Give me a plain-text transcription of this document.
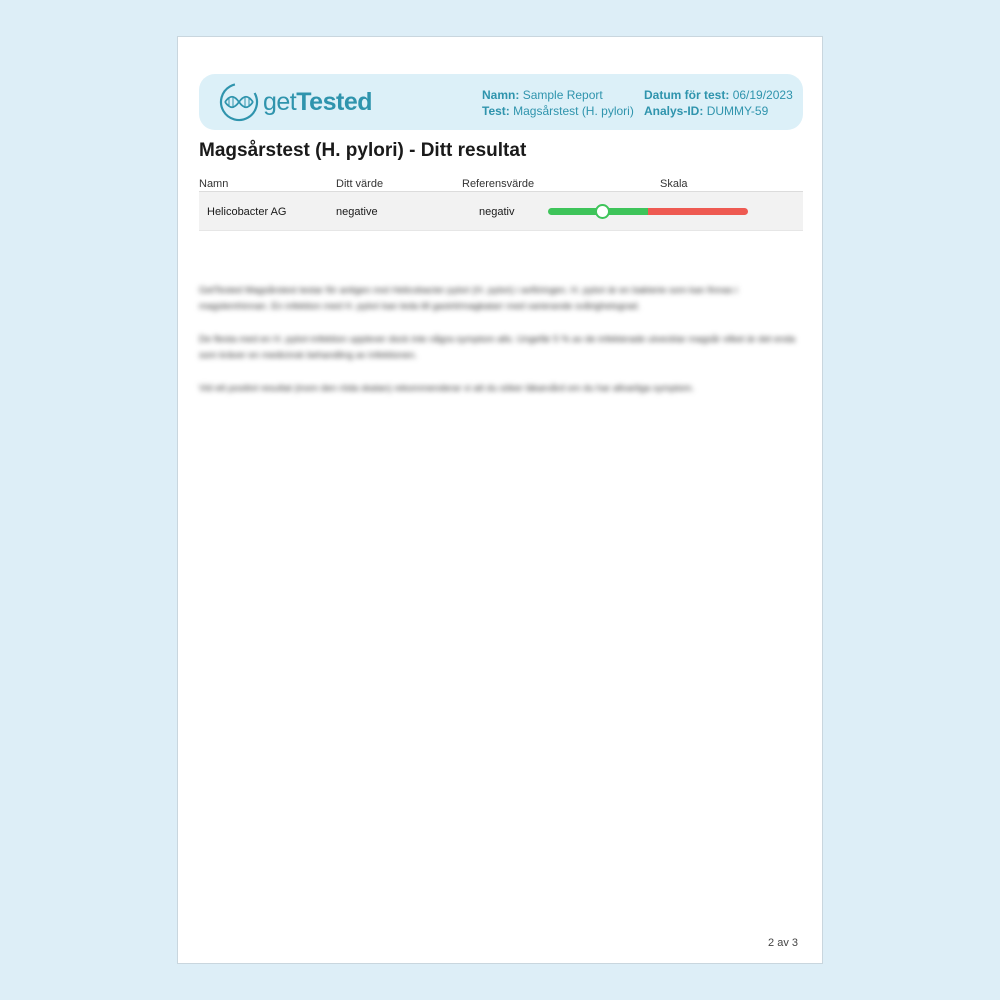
getTested	Namn: Sample Report
Test: Magsårstest (H. pylori)
Datum för test: 06/19/2023
Analys-ID: DUMMY-59
Magsårstest (H. pylori) - Ditt resultat
Namn	Ditt värde	Referensvärde	Skala
Helicobacter AG	negative	negativ

GetTested Magsårstest testar för antigen mot Helicobacter pylori (H. pylori) i avföringen. H. pylori är en bakterie som kan finnas i magslemhinnan. En infektion med H. pylori kan leda till gastrit/magkatarr med varierande svårighetsgrad.

De flesta med en H. pylori-infektion upplever dock inte några symptom alls. Ungefär 5 % av de infekterade utvecklar magsår vilket är det enda som kräver en medicinsk behandling av infektionen.

Vid ett positivt resultat (inom den röda skalan) rekommenderar vi att du söker läkarvård om du har allvarliga symptom.

2 av 3
